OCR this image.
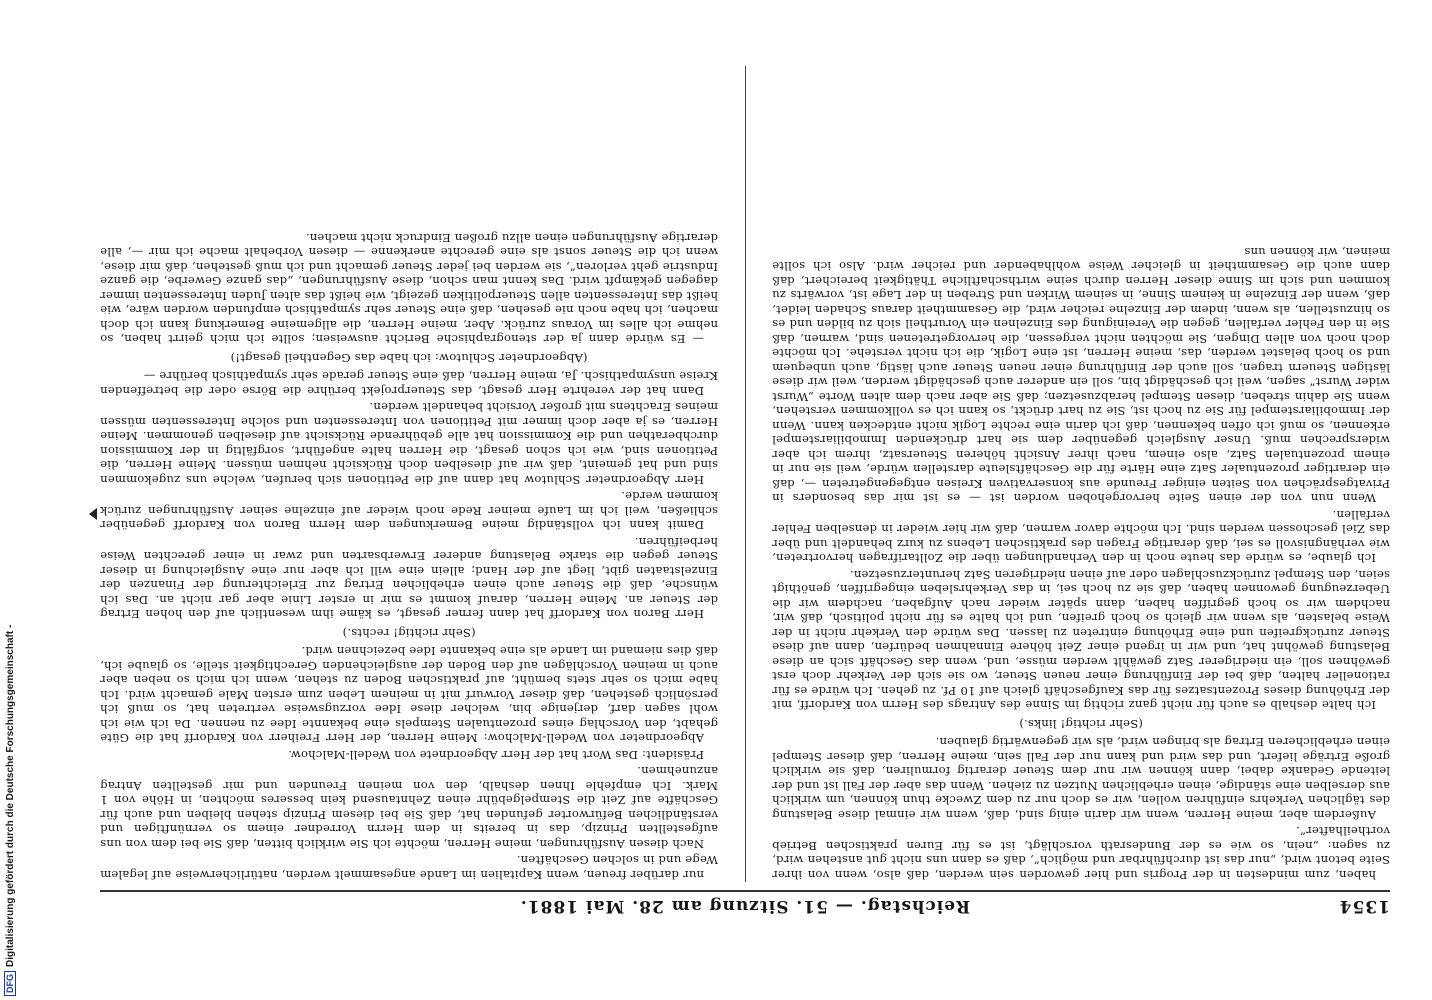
DFG
Digitalisierung gefördert durch die Deutsche Forschungsgemeinschaft -	1354
Reichstag. — 51. Sitzung am 28. Mai 1881.

haben, zum mindesten in der Progris und hier geworden sein werden, daß also, wenn von ihrer Seite betont wird, „nur das ist durchführbar und möglich“, daß es dann uns nicht gut anstehen wird, zu sagen: „nein, so wie es der Bundesrath vorschlägt, ist es für Euren praktischen Betrieb vortheilhafter“.

Außerdem aber, meine Herren, wenn wir darin einig sind, daß, wenn wir einmal diese Belastung des täglichen Verkehrs einführen wollen, wir es doch nur zu dem Zwecke thun können, um wirklich aus derselben eine ständige, einen erheblichen Nutzen zu ziehen. Wenn das aber der Fall ist und der leitende Gedanke dabei, dann können wir nur dem Steuer derartig formuliren, daß sie wirklich große Erträge liefert, und das wird und kann nur der Fall sein, meine Herren, daß dieser Stempel einen erheblicheren Ertrag als bringen wird, als wir gegenwärtig glauben.

(Sehr richtig! links.)

Ich halte deshalb es auch für nicht ganz richtig im Sinne des Antrags des Herrn von Kardorff, mit der Erhöhung dieses Prozentsatzes für das Kaufgeschäft gleich auf 10 Pf. zu gehen. Ich würde es für rationeller halten, daß bei der Einführung einer neuen Steuer, wo sie sich der Verkehr doch erst gewöhnen soll, ein niedrigerer Satz gewählt werden müsse, und, wenn das Geschäft sich an diese Belastung gewöhnt hat, und wir in irgend einer Zeit höhere Einnahmen bedürfen, dann auf diese Steuer zurückgreifen und eine Erhöhung eintreten zu lassen. Das würde den Verkehr nicht in der Weise belasten, als wenn wir gleich so hoch greifen, und ich halte es für nicht politisch, daß wir, nachdem wir so hoch gegriffen haben, dann später wieder nach Aufgaben, nachdem wir die Ueberzeugung gewonnen haben, daß sie zu hoch sei, in das Verkehrsleben eingegriffen, genöthigt seien, den Stempel zurückzuschlagen oder auf einen niedrigeren Satz herunterzusetzen.

Ich glaube, es würde das heute noch in den Verhandlungen über die Zolltarifragen hervortreten, wie verhängnisvoll es sei, daß derartige Fragen des praktischen Lebens zu kurz behandelt und über das Ziel geschossen werden sind. Ich möchte davor warnen, daß wir hier wieder in denselben Fehler verfallen.

Wenn nun von der einen Seite hervorgehoben worden ist — es ist mir das besonders in Privatgesprächen von Seiten einiger Freunde aus konservativen Kreisen entgegengetreten —, daß ein derartiger prozentualer Satz eine Härte für die Geschäftsleute darstellen würde, weil sie nur in einem prozentualen Satz, also einem, nach ihrer Ansicht höheren Steuersatz, ihrem ich aber widersprechen muß. Unser Ausgleich gegenüber dem sie hart drückenden Immobiliarstempel erkennen, so muß ich offen bekennen, daß ich darin eine rechte Logik nicht entdecken kann. Wenn der Immobiliarstempel für Sie zu hoch ist, Sie zu hart drückt, so kann ich es vollkommen verstehen, wenn Sie dahin streben, diesen Stempel herabzusetzen; daß Sie aber nach dem alten Worte „Wurst wider Wurst“ sagen, weil ich geschädigt bin, soll ein anderer auch geschädigt werden, weil wir diese lästigen Steuern tragen, soll auch der Einführung einer neuen Steuer auch lästig, auch unbequem und so hoch belastet werden, das, meine Herren, ist eine Logik, die ich nicht verstehe. Ich möchte doch noch von allen Dingen, Sie möchten nicht vergessen, die hervorgetretenen sind, warnen, daß Sie in den Fehler verfallen, gegen die Vereinigung des Einzelnen ein Vorurtheil sich zu bilden und es so hinzustellen, als wenn, indem der Einzelne reicher wird, die Gesammtheit daraus Schaden leidet, daß, wenn der Einzelne in keinem Sinne, in seinem Wirken und Streben in der Lage ist, vorwärts zu kommen und sich im Sinne dieser Herren durch seine wirthschaftliche Thätigkeit bereichert, daß dann auch die Gesammtheit in gleicher Weise wohlhabender und reicher wird. Also ich sollte meinen, wir können uns

nur darüber freuen, wenn Kapitalien im Lande angesammelt werden, natürlicherweise auf legalem Wege und in solchen Geschäften.

Nach diesen Ausführungen, meine Herren, möchte ich Sie wirklich bitten, daß Sie bei dem von uns aufgestellten Prinzip, das in bereits in dem Herrn Vorredner einem so vernünftigen und verständlichen Befürworter gefunden hat, daß Sie bei diesem Prinzip stehen bleiben und auch für Geschäfte auf Zeit die Stempelgebühr einen Zehntausend kein besseres möchten, in Höhe von 1 Mark. Ich empfehle Ihnen deshalb, den von meinen Freunden und mir gestellten Antrag anzunehmen.

Präsident: Das Wort hat der Herr Abgeordnete von Wedell-Malchow.

Abgeordneter von Wedell-Malchow: Meine Herren, der Herr Freiherr von Kardorff hat die Güte gehabt, den Vorschlag eines prozentualen Stempels eine bekannte Idee zu nennen. Da ich wie ich wohl sagen darf, derjenige bin, welcher diese Idee vorzugsweise vertreten hat, so muß ich persönlich gestehen, daß dieser Vorwurf mit in meinem Leben zum ersten Male gemacht wird. Ich habe mich so sehr stets bemüht, auf praktischen Boden zu stehen, wenn ich mich so neben aber auch in meinen Vorschlägen auf den Boden der ausgleichenden Gerechtigkeit stelle, so glaube ich, daß dies niemand im Lande als eine bekannte Idee bezeichnen wird.

(Sehr richtig! rechts.)

Herr Baron von Kardorff hat dann ferner gesagt, es käme ihm wesentlich auf den hohen Ertrag der Steuer an. Meine Herren, darauf kommt es mir in erster Linie aber gar nicht an. Das ich wünsche, daß die Steuer auch einen erheblichen Ertrag zur Erleichterung der Finanzen der Einzelstaaten gibt, liegt auf der Hand; allein eine will ich aber nur eine Ausgleichung in dieser Steuer gegen die starke Belastung anderer Erwerbsarten und zwar in einer gerechten Weise herbeiführen.

Damit kann ich vollständig meine Bemerkungen dem Herrn Baron von Kardorff gegenüber schließen, weil ich im Laufe meiner Rede noch wieder auf einzelne seiner Ausführungen zurück kommen werde.

Herr Abgeordneter Schlutow hat dann auf die Petitionen sich berufen, welche uns zugekommen sind und hat gemeint, daß wir auf dieselben doch Rücksicht nehmen müssen. Meine Herren, die Petitionen sind, wie ich schon gesagt, die Herren halte angeführt, sorgfältig in der Kommission durchberathen und die Kommission hat alle gebührende Rücksicht auf dieselben genommen. Meine Herren, es ja aber doch immer mit Petitionen von Interessenten und solche Interessenten müssen meines Erachtens mit großer Vorsicht behandelt werden.

Dann hat der verehrte Herr gesagt, das Steuerprojekt berühre die Börse oder die betreffenden Kreise unsympathisch. Ja, meine Herren, daß eine Steuer gerade sehr sympathisch berühre —

(Abgeordneter Schlutow: ich habe das Gegentheil gesagt!)

— Es würde dann ja der stenographische Bericht ausweisen; sollte ich mich geirrt haben, so nehme ich alles im Voraus zurück. Aber, meine Herren, die allgemeine Bemerkung kann ich doch machen, ich habe noch nie gesehen, daß eine Steuer sehr sympathisch empfunden worden wäre, wie heißt das Interessenten allen Steuerpolitiken gezeigt, wie heißt das alten Juden Interessenten immer dagegen gekämpft wird. Das kennt man schon, diese Ausführungen, „das ganze Gewerbe, die ganze Industrie geht verloren“, sie werden bei jeder Steuer gemacht und ich muß gestehen, daß mir diese, wenn ich die Steuer sonst als eine gerechte anerkenne — diesen Vorbehalt mache ich mir —, alle derartige Ausführungen einen allzu großen Eindruck nicht machen.
